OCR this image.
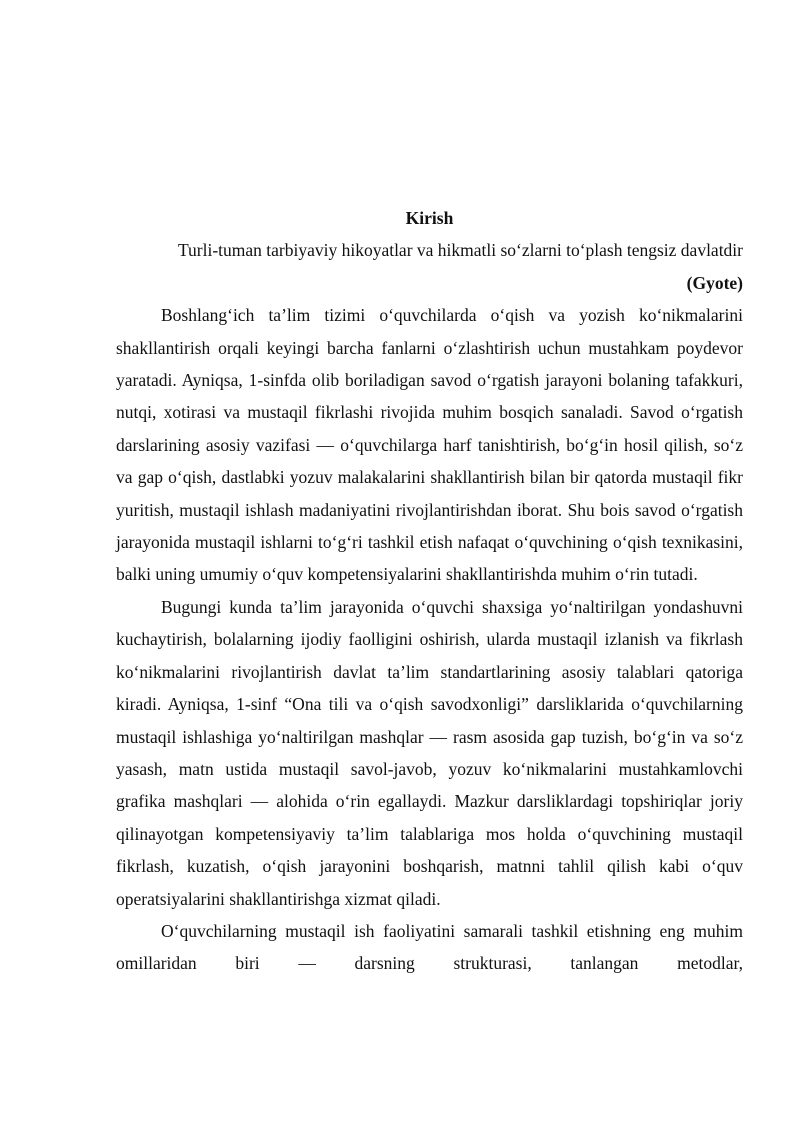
Kirish

Turli-tuman tarbiyaviy hikoyatlar va hikmatli so‘zlarni to‘plash tengsiz davlatdir

(Gyote)

Boshlang‘ich ta’lim tizimi o‘quvchilarda o‘qish va yozish ko‘nikmalarini shakllantirish orqali keyingi barcha fanlarni o‘zlashtirish uchun mustahkam poydevor yaratadi. Ayniqsa, 1-sinfda olib boriladigan savod o‘rgatish jarayoni bolaning tafakkuri, nutqi, xotirasi va mustaqil fikrlashi rivojida muhim bosqich sanaladi. Savod o‘rgatish darslarining asosiy vazifasi — o‘quvchilarga harf tanishtirish, bo‘g‘in hosil qilish, so‘z va gap o‘qish, dastlabki yozuv malakalarini shakllantirish bilan bir qatorda mustaqil fikr yuritish, mustaqil ishlash madaniyatini rivojlantirishdan iborat. Shu bois savod o‘rgatish jarayonida mustaqil ishlarni to‘g‘ri tashkil etish nafaqat o‘quvchining o‘qish texnikasini, balki uning umumiy o‘quv kompetensiyalarini shakllantirishda muhim o‘rin tutadi.

Bugungi kunda ta’lim jarayonida o‘quvchi shaxsiga yo‘naltirilgan yondashuvni kuchaytirish, bolalarning ijodiy faolligini oshirish, ularda mustaqil izlanish va fikrlash ko‘nikmalarini rivojlantirish davlat ta’lim standartlarining asosiy talablari qatoriga kiradi. Ayniqsa, 1-sinf “Ona tili va o‘qish savodxonligi” darsliklarida o‘quvchilarning mustaqil ishlashiga yo‘naltirilgan mashqlar — rasm asosida gap tuzish, bo‘g‘in va so‘z yasash, matn ustida mustaqil savol-javob, yozuv ko‘nikmalarini mustahkamlovchi grafika mashqlari — alohida o‘rin egallaydi. Mazkur darsliklardagi topshiriqlar joriy qilinayotgan kompetensiyaviy ta’lim talablariga mos holda o‘quvchining mustaqil fikrlash, kuzatish, o‘qish jarayonini boshqarish, matnni tahlil qilish kabi o‘quv operatsiyalarini shakllantirishga xizmat qiladi.

O‘quvchilarning mustaqil ish faoliyatini samarali tashkil etishning eng muhim omillaridan biri — darsning strukturasi, tanlangan metodlar,
